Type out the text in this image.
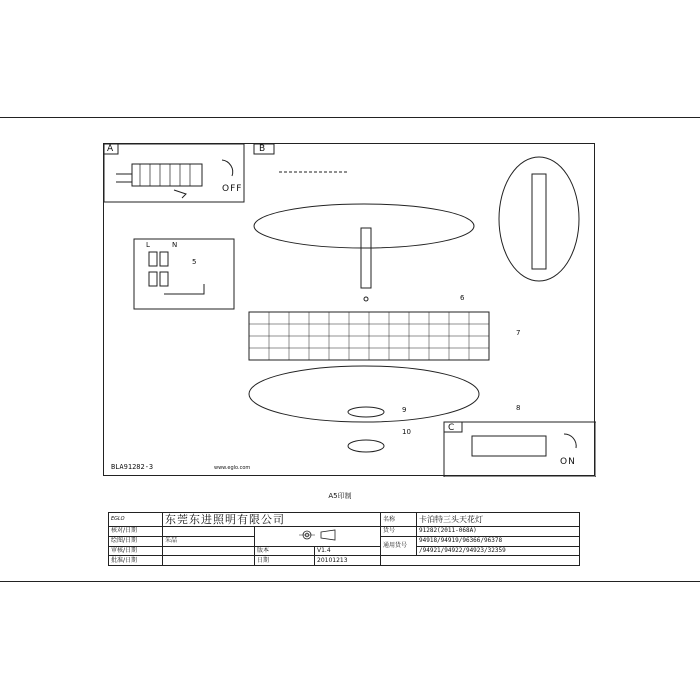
A	B
C
OFF
ON
5
6
7
8
9
10
L	N
BLA91282-3	www.eglo.com
A5印制
EGLO	东莞东进照明有限公司			名称	卡泊特三头天花灯
核对/日期				货号	91282(2011-068A)
绘图/日期	朱喆			通用货号	94918/94919/96366/96378
审核/日期		版本	V1.4		/94921/94922/94923/32359
批准/日期		日期	20101213		
